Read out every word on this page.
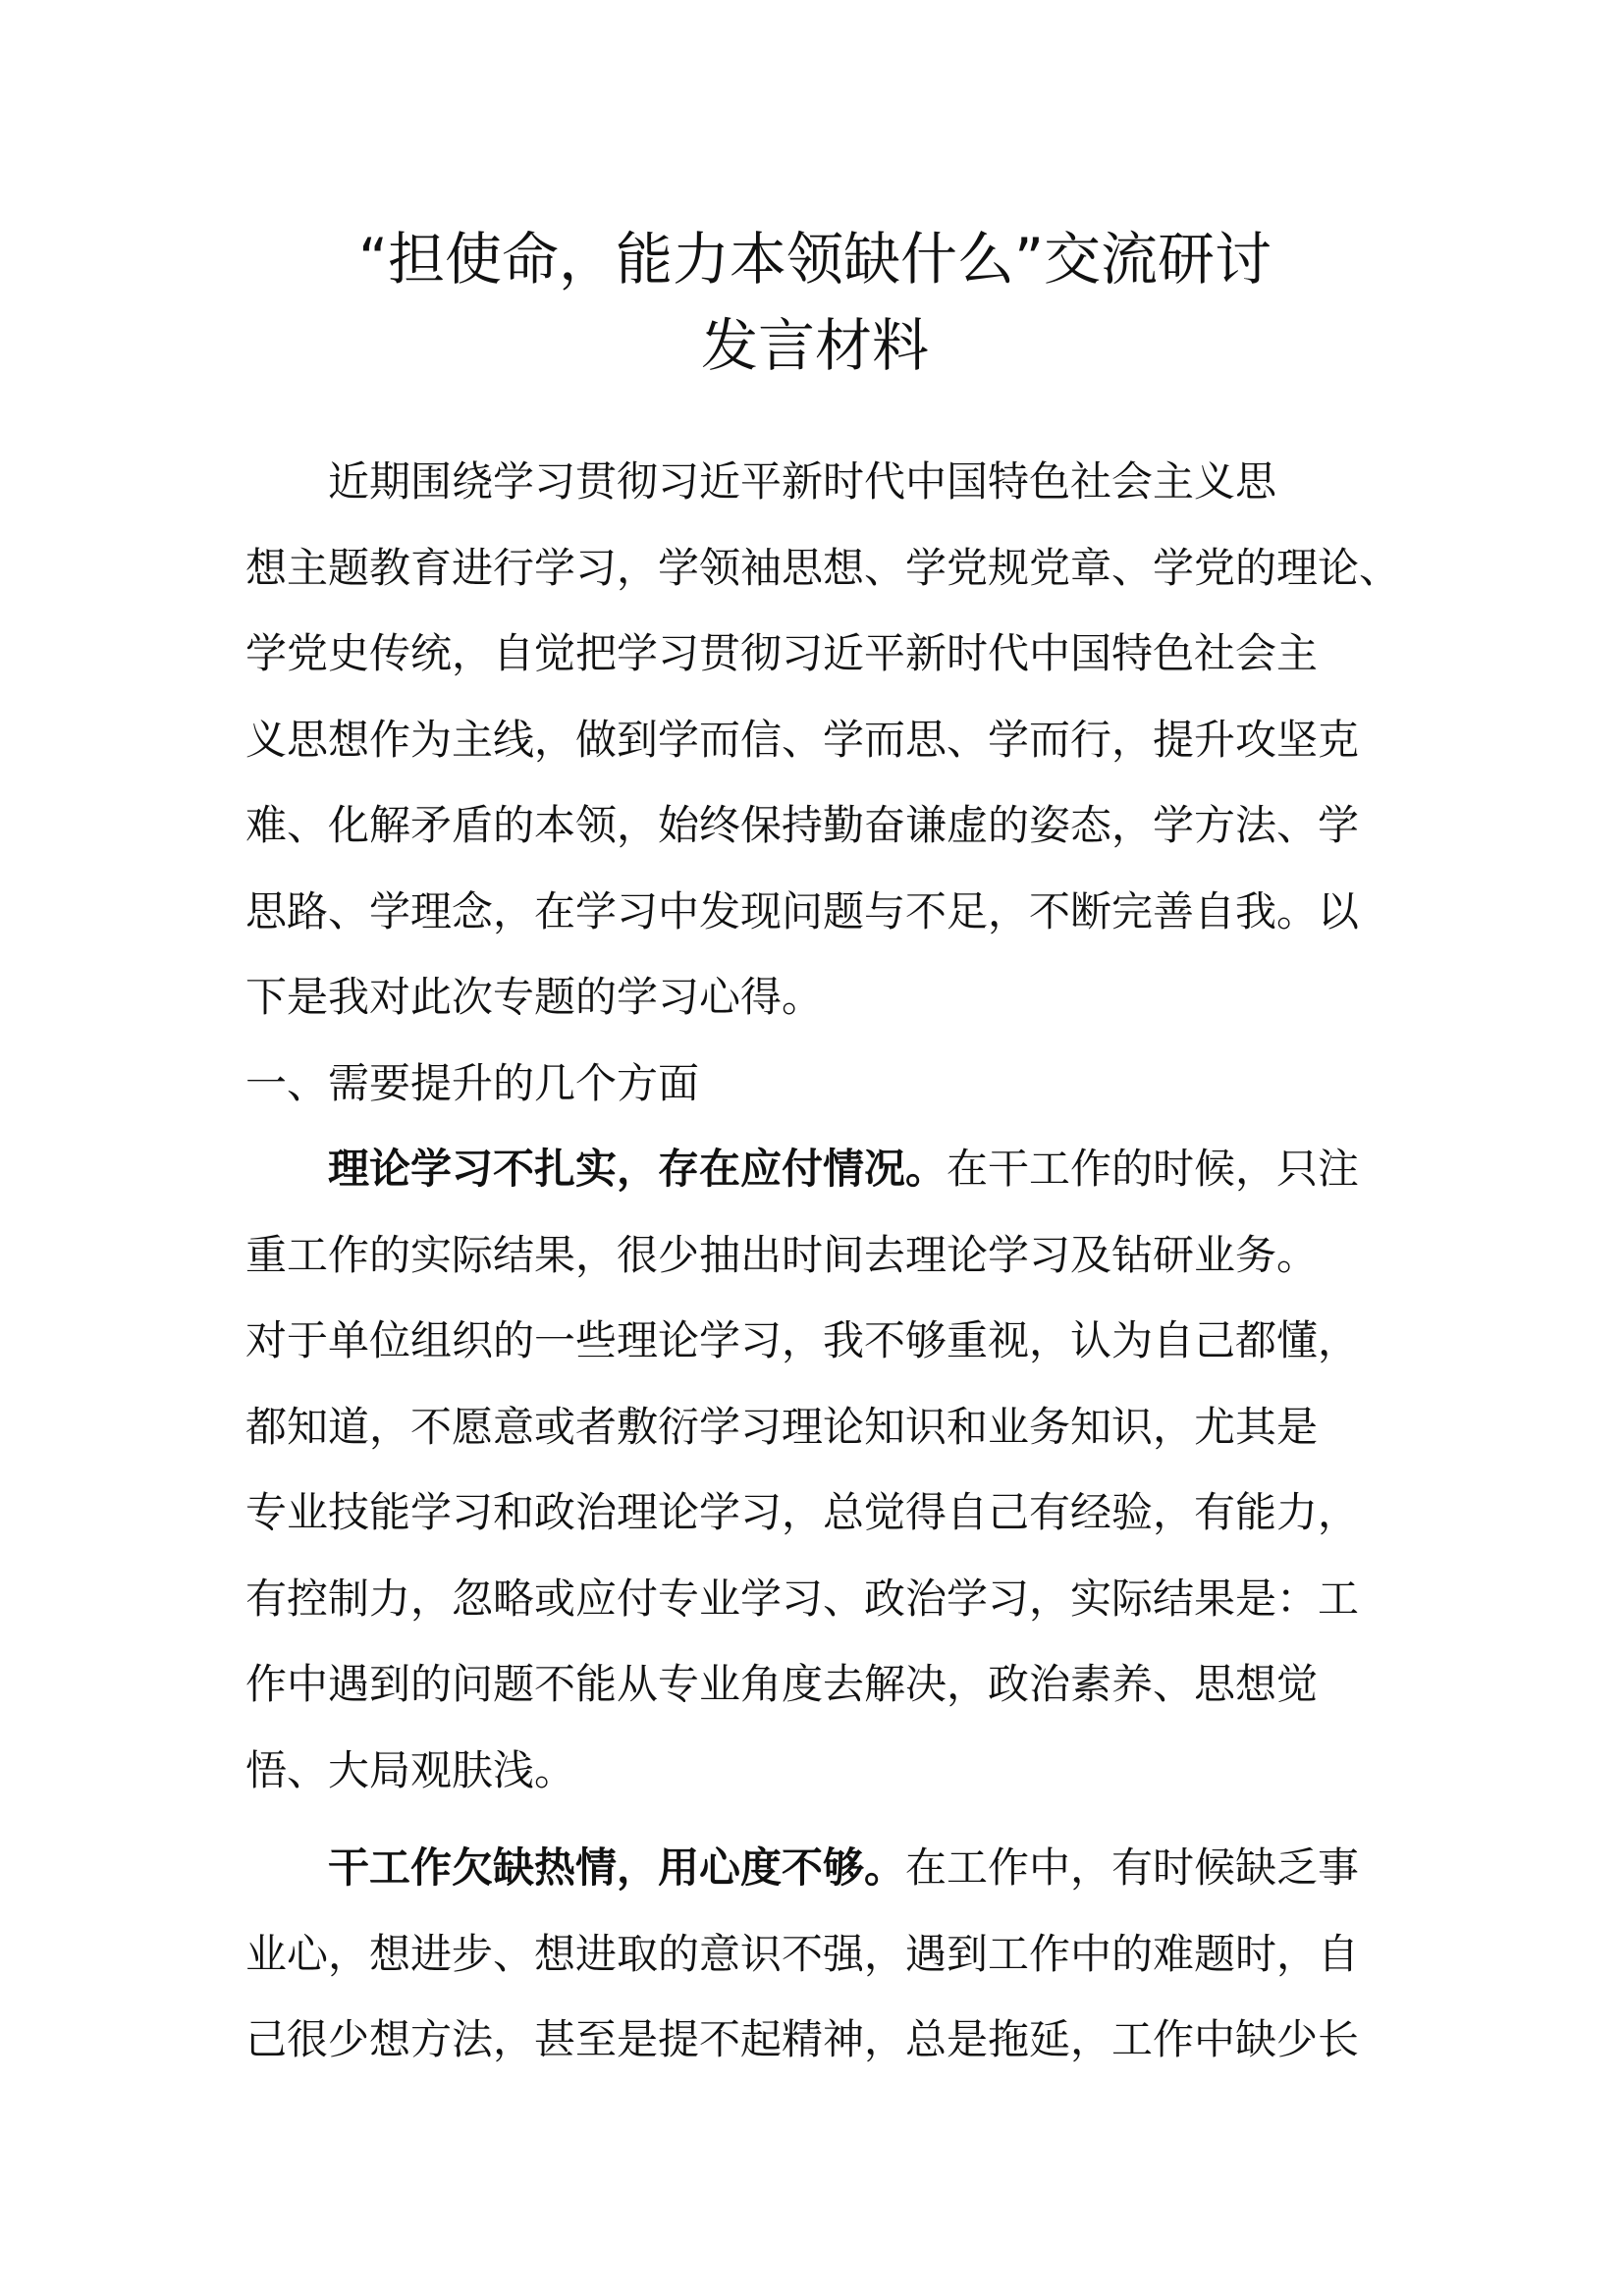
“担使命，能力本领缺什么”交流研讨
发言材料

近期围绕学习贯彻习近平新时代中国特色社会主义思
想主题教育进行学习，学领袖思想、学党规党章、学党的理论、
学党史传统，自觉把学习贯彻习近平新时代中国特色社会主
义思想作为主线，做到学而信、学而思、学而行，提升攻坚克
难、化解矛盾的本领，始终保持勤奋谦虚的姿态，学方法、学
思路、学理念，在学习中发现问题与不足，不断完善自我。以
下是我对此次专题的学习心得。

一、需要提升的几个方面

理论学习不扎实，存在应付情况。在干工作的时候，只注
重工作的实际结果，很少抽出时间去理论学习及钻研业务。
对于单位组织的一些理论学习，我不够重视，认为自己都懂，
都知道，不愿意或者敷衍学习理论知识和业务知识，尤其是
专业技能学习和政治理论学习，总觉得自己有经验，有能力，
有控制力，忽略或应付专业学习、政治学习，实际结果是：工
作中遇到的问题不能从专业角度去解决，政治素养、思想觉
悟、大局观肤浅。

干工作欠缺热情，用心度不够。在工作中，有时候缺乏事
业心，想进步、想进取的意识不强，遇到工作中的难题时，自
己很少想方法，甚至是提不起精神，总是拖延，工作中缺少长
